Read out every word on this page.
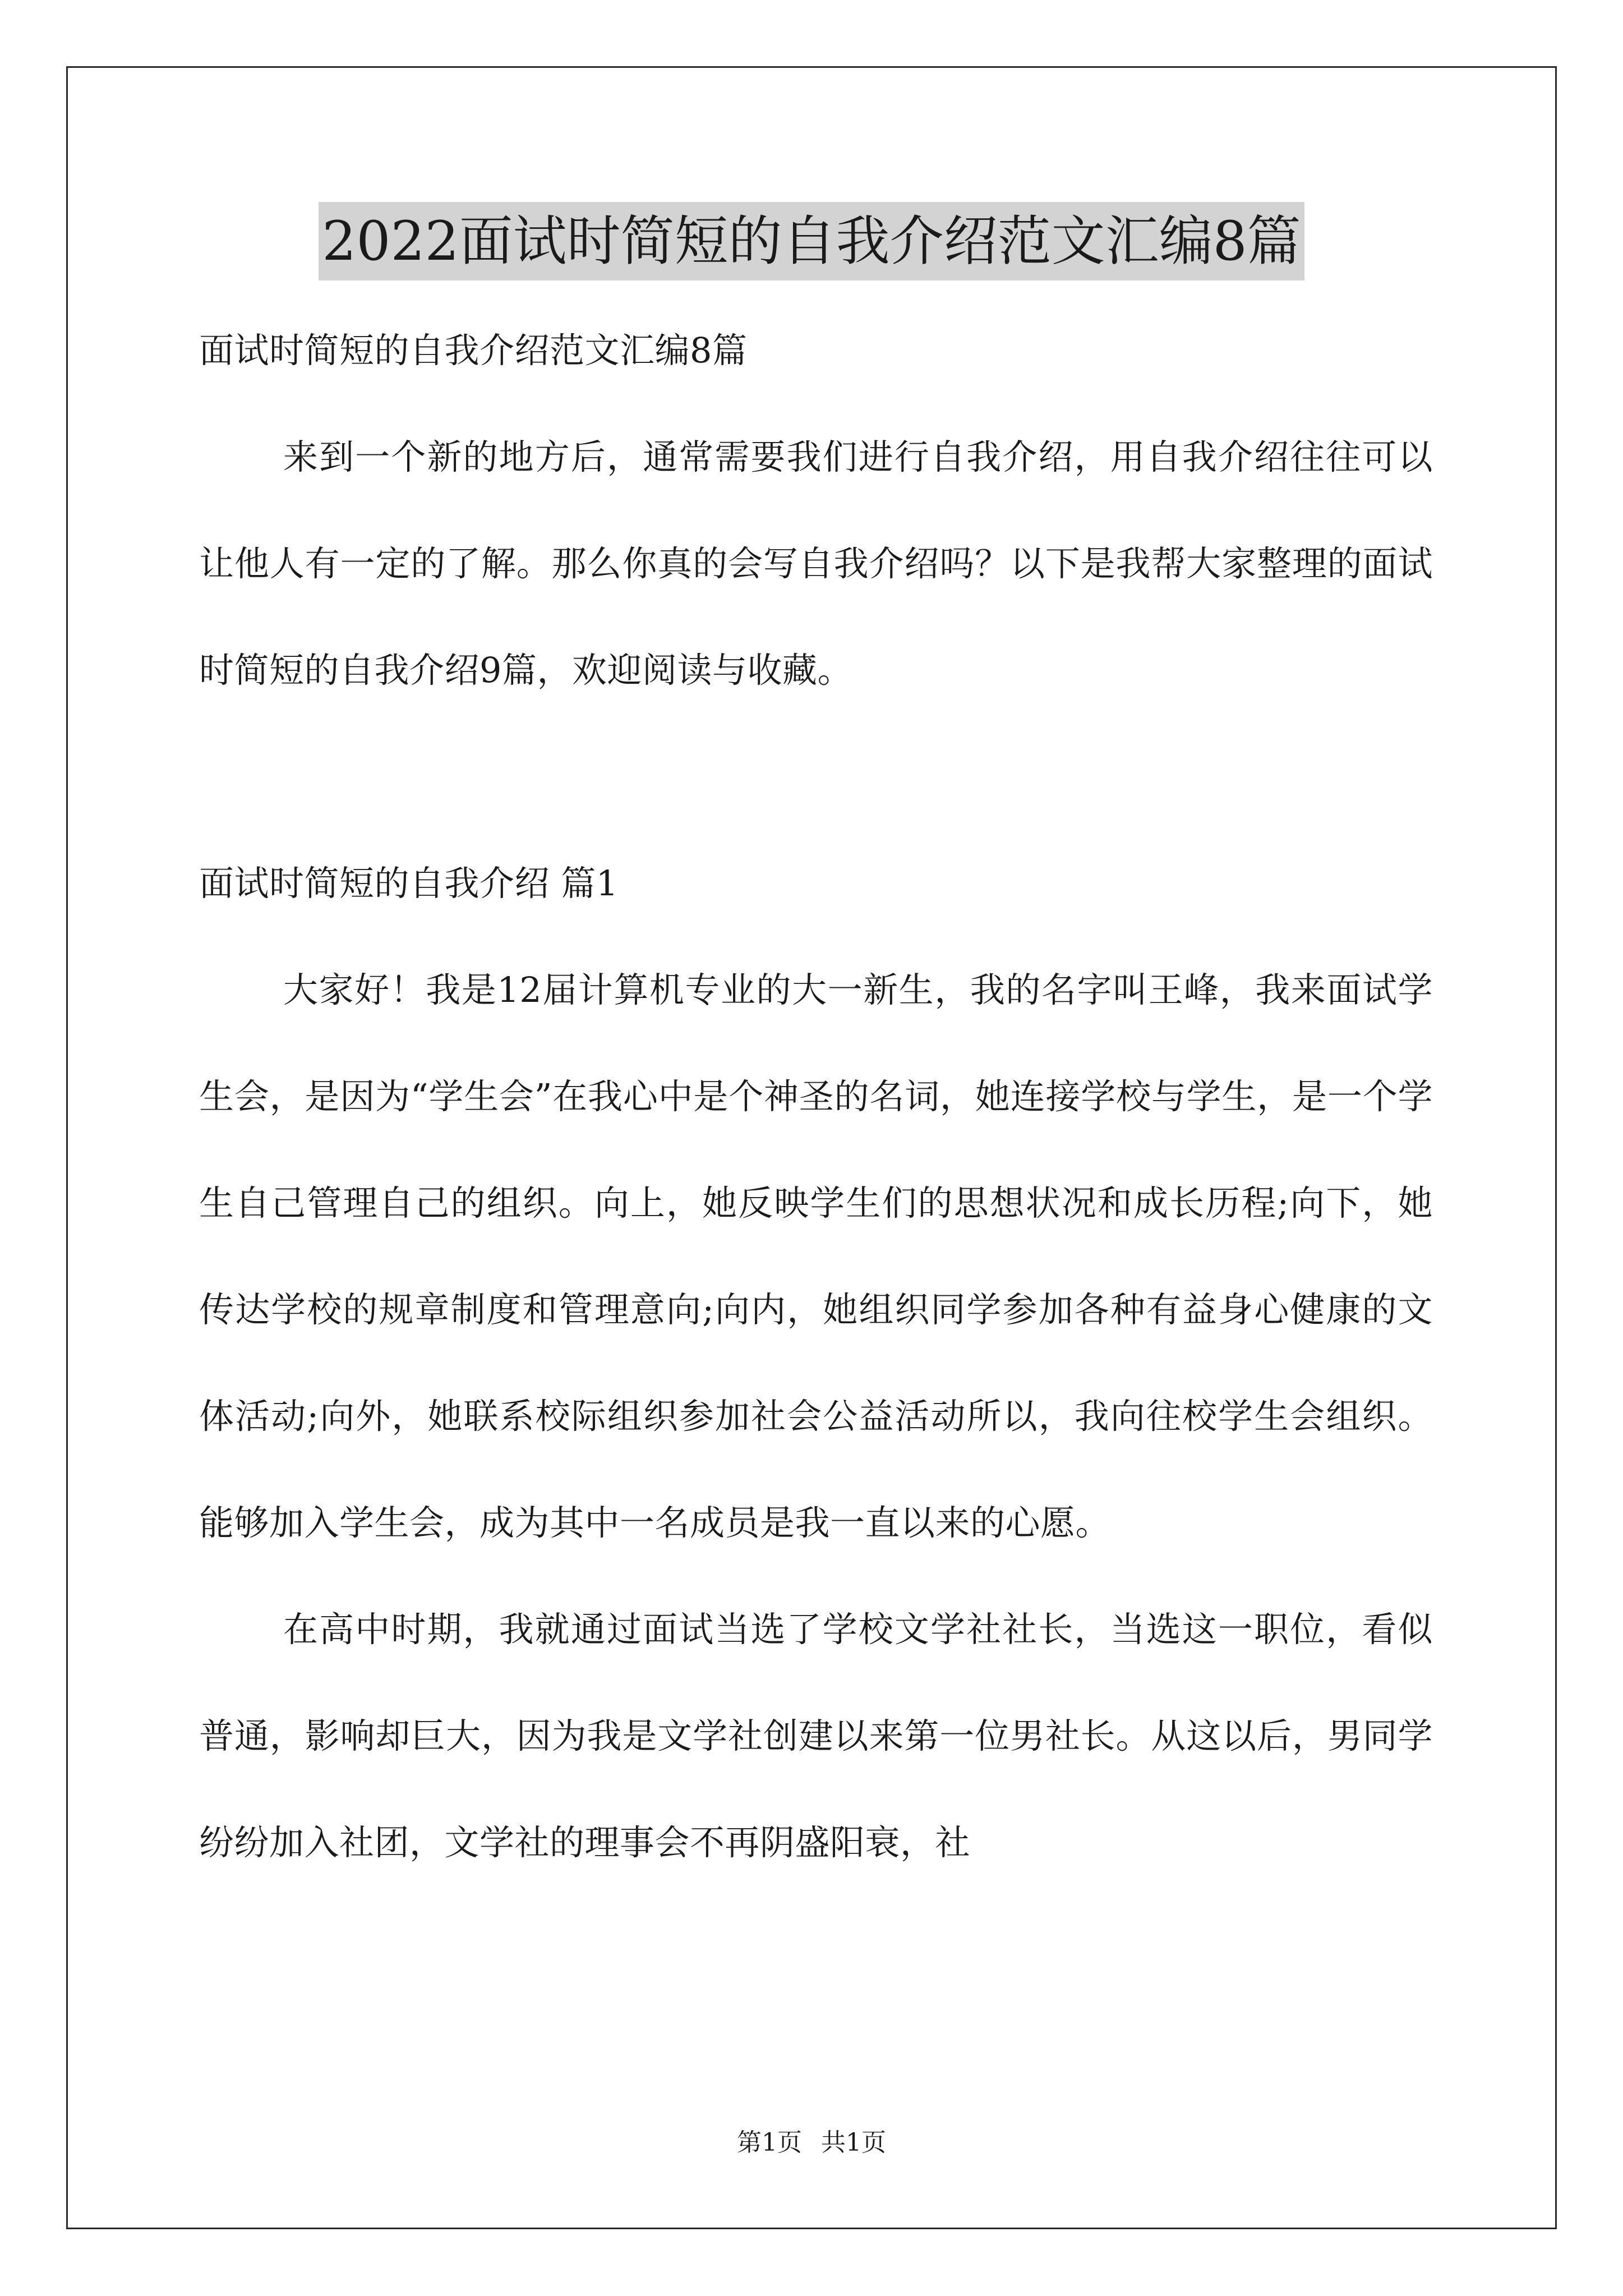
2022面试时简短的自我介绍范文汇编8篇

面试时简短的自我介绍范文汇编8篇

来到一个新的地方后，通常需要我们进行自我介绍，用自我介绍往往可以让他人有一定的了解。那么你真的会写自我介绍吗？以下是我帮大家整理的面试时简短的自我介绍9篇，欢迎阅读与收藏。

面试时简短的自我介绍 篇1

大家好！我是12届计算机专业的大一新生，我的名字叫王峰，我来面试学生会，是因为“学生会”在我心中是个神圣的名词，她连接学校与学生，是一个学生自己管理自己的组织。向上，她反映学生们的思想状况和成长历程;向下，她传达学校的规章制度和管理意向;向内，她组织同学参加各种有益身心健康的文体活动;向外，她联系校际组织参加社会公益活动所以，我向往校学生会组织。能够加入学生会，成为其中一名成员是我一直以来的心愿。

在高中时期，我就通过面试当选了学校文学社社长，当选这一职位，看似普通，影响却巨大，因为我是文学社创建以来第一位男社长。从这以后，男同学纷纷加入社团，文学社的理事会不再阴盛阳衰，社

第1页 共1页
